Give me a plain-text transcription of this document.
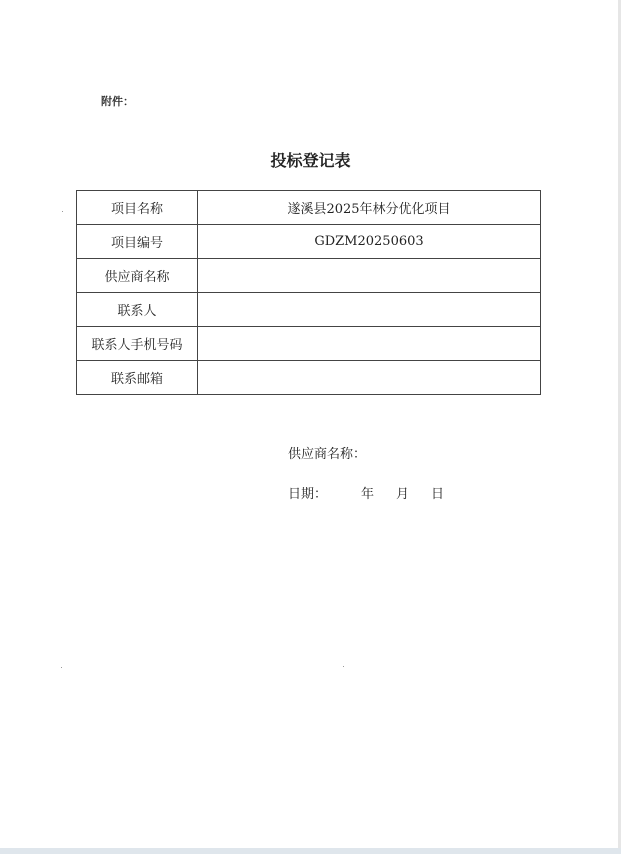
附件：
投标登记表
项目名称	遂溪县2025年林分优化项目
项目编号	GDZM20250603
供应商名称	
联系人	
联系人手机号码	
联系邮箱	
供应商名称：
日期：	年 月 日
